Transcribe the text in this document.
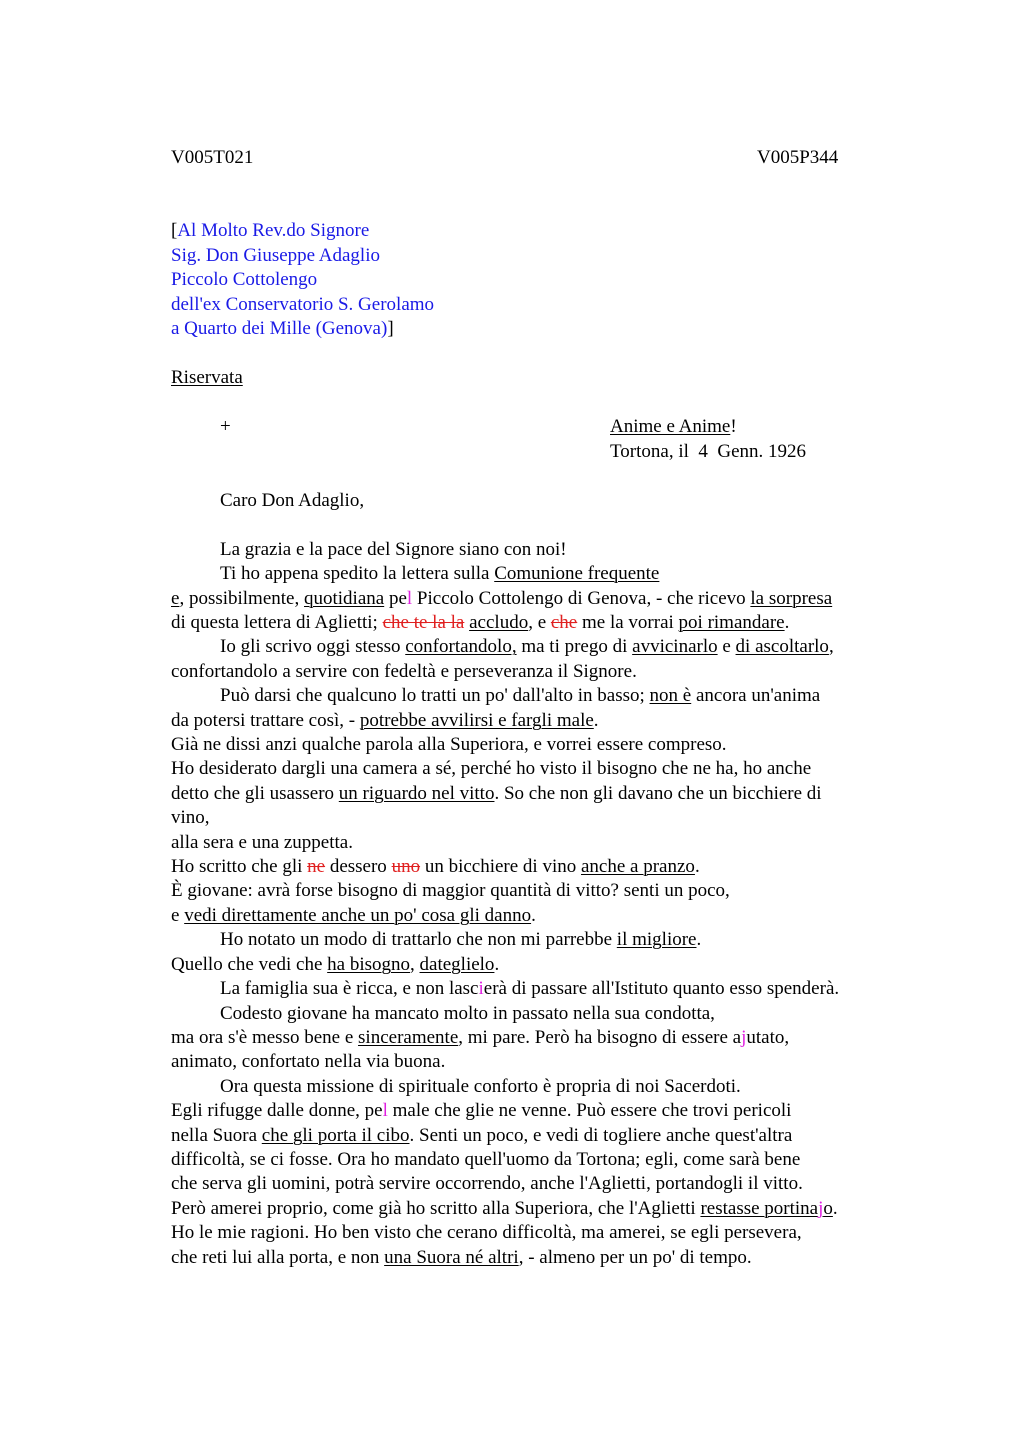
V005T021	V005P344
[Al Molto Rev.do Signore
Sig. Don Giuseppe Adaglio
Piccolo Cottolengo
dell'ex Conservatorio S. Gerolamo
a Quarto dei Mille (Genova)]
Riservata
+	Anime e Anime!
Tortona, il  4  Genn. 1926
Caro Don Adaglio,
La grazia e la pace del Signore siano con noi!
Ti ho appena spedito la lettera sulla Comunione frequente
e, possibilmente, quotidiana pel Piccolo Cottolengo di Genova, - che ricevo la sorpresa
di questa lettera di Aglietti; che te la la accludo, e che me la vorrai poi rimandare.
Io gli scrivo oggi stesso confortandolo, ma ti prego di avvicinarlo e di ascoltarlo,
confortandolo a servire con fedeltà e perseveranza il Signore.
Può darsi che qualcuno lo tratti un po' dall'alto in basso; non è ancora un'anima
da potersi trattare così, - potrebbe avvilirsi e fargli male.
Già ne dissi anzi qualche parola alla Superiora, e vorrei essere compreso.
Ho desiderato dargli una camera a sé, perché ho visto il bisogno che ne ha, ho anche
detto che gli usassero un riguardo nel vitto. So che non gli davano che un bicchiere di
vino,
alla sera e una zuppetta.
Ho scritto che gli ne dessero uno un bicchiere di vino anche a pranzo.
È giovane: avrà forse bisogno di maggior quantità di vitto? senti un poco,
e vedi direttamente anche un po' cosa gli danno.
Ho notato un modo di trattarlo che non mi parrebbe il migliore.
Quello che vedi che ha bisogno, dateglielo.
La famiglia sua è ricca, e non lascierà di passare all'Istituto quanto esso spenderà.
Codesto giovane ha mancato molto in passato nella sua condotta,
ma ora s'è messo bene e sinceramente, mi pare. Però ha bisogno di essere ajutato,
animato, confortato nella via buona.
Ora questa missione di spirituale conforto è propria di noi Sacerdoti.
Egli rifugge dalle donne, pel male che glie ne venne. Può essere che trovi pericoli
nella Suora che gli porta il cibo. Senti un poco, e vedi di togliere anche quest'altra
difficoltà, se ci fosse. Ora ho mandato quell'uomo da Tortona; egli, come sarà bene
che serva gli uomini, potrà servire occorrendo, anche l'Aglietti, portandogli il vitto.
Però amerei proprio, come già ho scritto alla Superiora, che l'Aglietti restasse portinajo.
Ho le mie ragioni. Ho ben visto che cerano difficoltà, ma amerei, se egli persevera,
che reti lui alla porta, e non una Suora né altri, - almeno per un po' di tempo.
